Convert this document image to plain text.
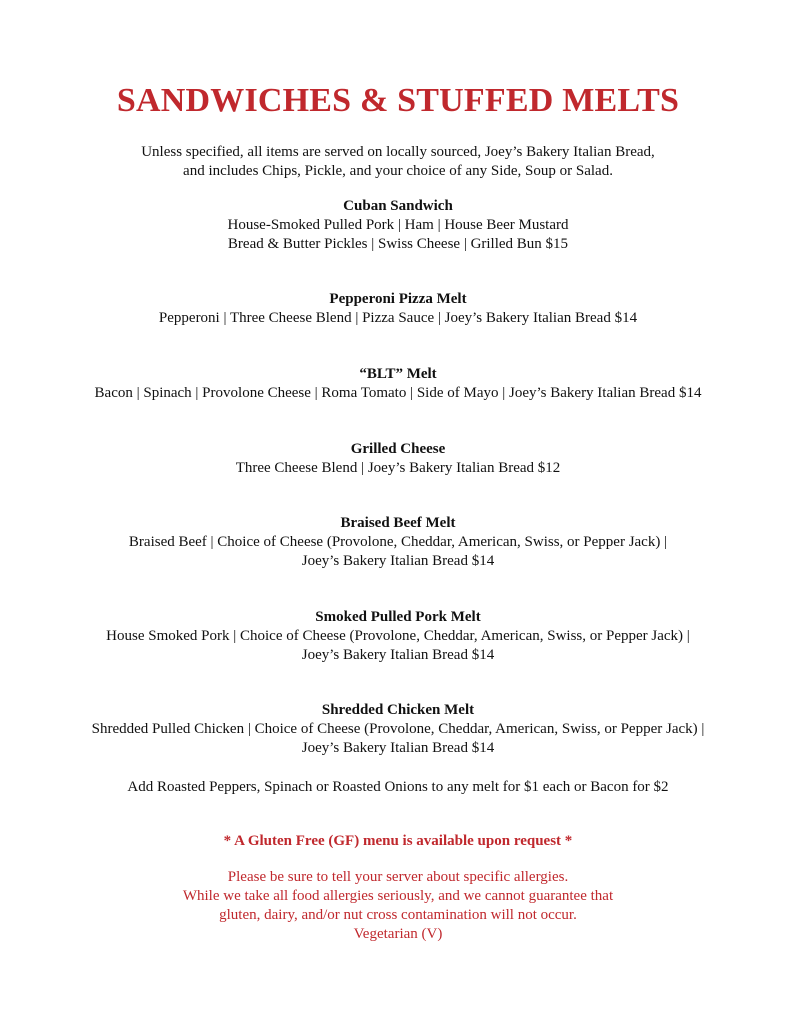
SANDWICHES & STUFFED MELTS
Unless specified, all items are served on locally sourced, Joey’s Bakery Italian Bread,
and includes Chips, Pickle, and your choice of any Side, Soup or Salad.
Cuban Sandwich
House-Smoked Pulled Pork | Ham | House Beer Mustard
Bread & Butter Pickles | Swiss Cheese | Grilled Bun $15
Pepperoni Pizza Melt
Pepperoni | Three Cheese Blend | Pizza Sauce | Joey’s Bakery Italian Bread $14
“BLT” Melt
Bacon | Spinach | Provolone Cheese | Roma Tomato | Side of Mayo | Joey’s Bakery Italian Bread $14
Grilled Cheese
Three Cheese Blend | Joey’s Bakery Italian Bread $12
Braised Beef Melt
Braised Beef | Choice of Cheese (Provolone, Cheddar, American, Swiss, or Pepper Jack) |
Joey’s Bakery Italian Bread $14
Smoked Pulled Pork Melt
House Smoked Pork | Choice of Cheese (Provolone, Cheddar, American, Swiss, or Pepper Jack) |
Joey’s Bakery Italian Bread $14
Shredded Chicken Melt
Shredded Pulled Chicken | Choice of Cheese (Provolone, Cheddar, American, Swiss, or Pepper Jack) |
Joey’s Bakery Italian Bread $14
Add Roasted Peppers, Spinach or Roasted Onions to any melt for $1 each or Bacon for $2
* A Gluten Free (GF) menu is available upon request *
Please be sure to tell your server about specific allergies.
While we take all food allergies seriously, and we cannot guarantee that
gluten, dairy, and/or nut cross contamination will not occur.
Vegetarian (V)
